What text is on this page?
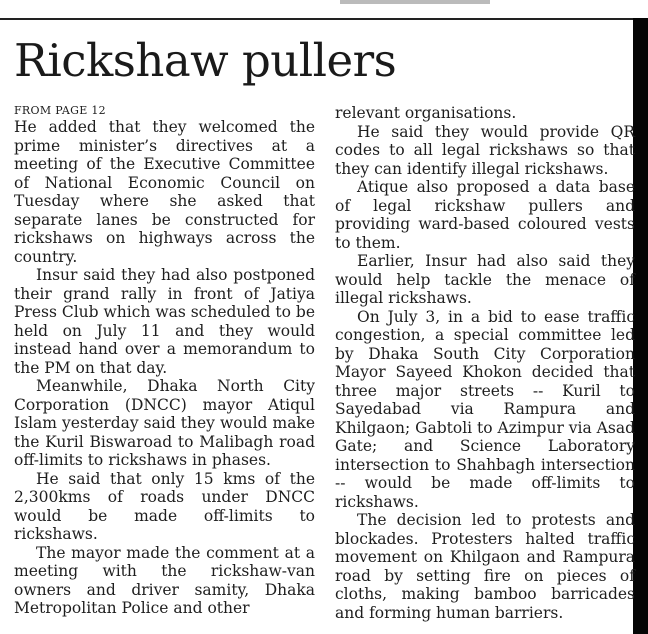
Rickshaw pullers
FROM PAGE 12

He added that they welcomed the prime minister’s directives at a meeting of the Executive Committee of National Economic Council on Tuesday where she asked that separate lanes be constructed for rickshaws on highways across the country.

Insur said they had also postponed their grand rally in front of Jatiya Press Club which was scheduled to be held on July 11 and they would instead hand over a memorandum to the PM on that day.

Meanwhile, Dhaka North City Corporation (DNCC) mayor Atiqul Islam yesterday said they would make the Kuril Biswaroad to Malibagh road off-limits to rickshaws in phases.

He said that only 15 kms of the 2,300kms of roads under DNCC would be made off-limits to rickshaws.

The mayor made the comment at a meeting with the rickshaw-van owners and driver samity, Dhaka Metropolitan Police and other

relevant organisations.

He said they would provide QR codes to all legal rickshaws so that they can identify illegal rickshaws.

Atique also proposed a data base of legal rickshaw pullers and providing ward-based coloured vests to them.

Earlier, Insur had also said they would help tackle the menace of illegal rickshaws.

On July 3, in a bid to ease traffic congestion, a special committee led by Dhaka South City Corporation Mayor Sayeed Khokon decided that three major streets -- Kuril to Sayedabad via Rampura and Khilgaon; Gabtoli to Azimpur via Asad Gate; and Science Laboratory intersection to Shahbagh intersection -- would be made off-limits to rickshaws.

The decision led to protests and blockades. Protesters halted traffic movement on Khilgaon and Rampura road by setting fire on pieces of cloths, making bamboo barricades and forming human barriers.
